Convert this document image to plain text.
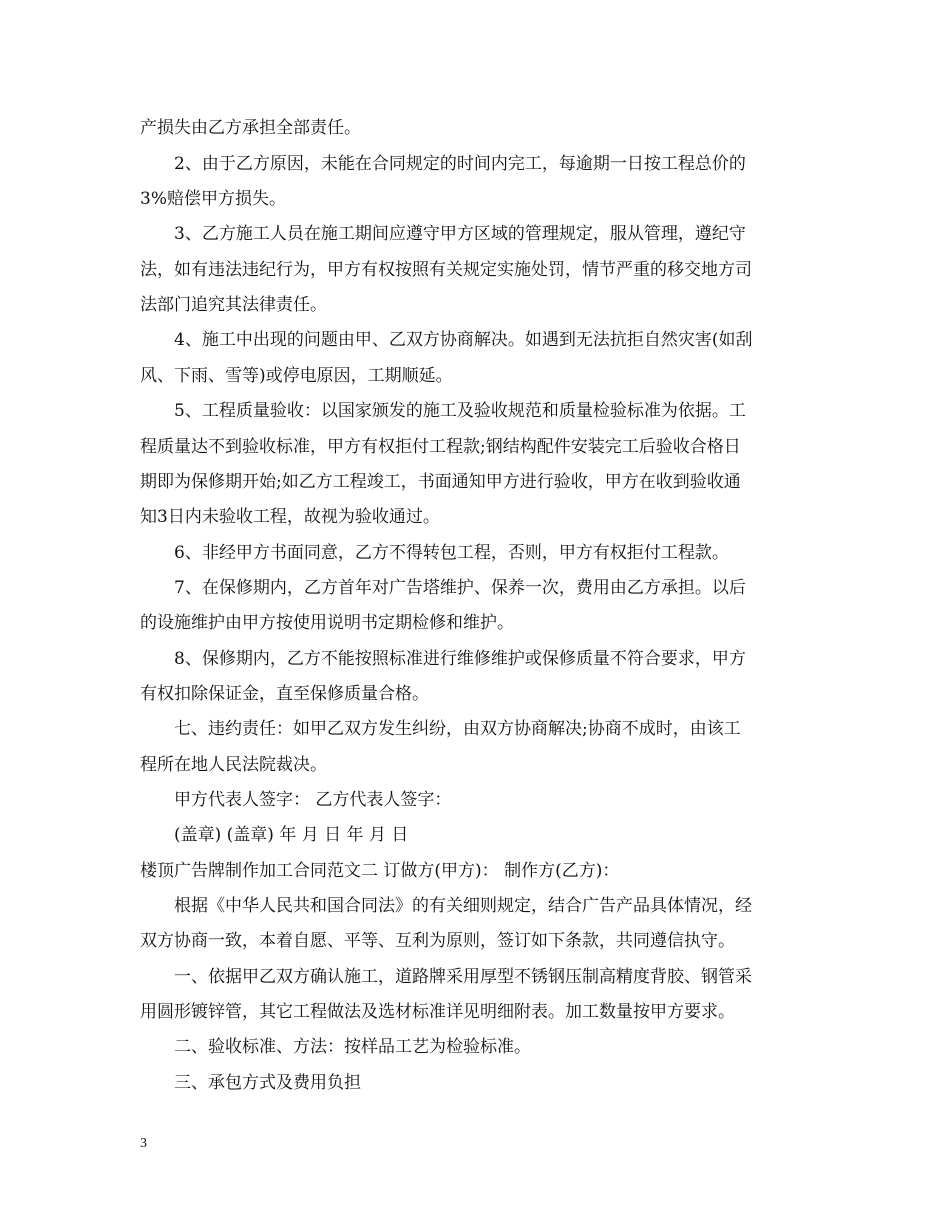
产损失由乙方承担全部责任。
2、由于乙方原因，未能在合同规定的时间内完工，每逾期一日按工程总价的
3%赔偿甲方损失。
3、乙方施工人员在施工期间应遵守甲方区域的管理规定，服从管理，遵纪守
法，如有违法违纪行为，甲方有权按照有关规定实施处罚，情节严重的移交地方司
法部门追究其法律责任。
4、施工中出现的问题由甲、乙双方协商解决。如遇到无法抗拒自然灾害(如刮
风、下雨、雪等)或停电原因，工期顺延。
5、工程质量验收：以国家颁发的施工及验收规范和质量检验标准为依据。工
程质量达不到验收标准，甲方有权拒付工程款;钢结构配件安装完工后验收合格日
期即为保修期开始;如乙方工程竣工，书面通知甲方进行验收，甲方在收到验收通
知3日内未验收工程，故视为验收通过。
6、非经甲方书面同意，乙方不得转包工程，否则，甲方有权拒付工程款。
7、在保修期内，乙方首年对广告塔维护、保养一次，费用由乙方承担。以后
的设施维护由甲方按使用说明书定期检修和维护。
8、保修期内，乙方不能按照标准进行维修维护或保修质量不符合要求，甲方
有权扣除保证金，直至保修质量合格。
七、违约责任：如甲乙双方发生纠纷，由双方协商解决;协商不成时，由该工
程所在地人民法院裁决。
甲方代表人签字： 乙方代表人签字：
(盖章) (盖章) 年 月 日 年 月 日
楼顶广告牌制作加工合同范文二 订做方(甲方)： 制作方(乙方)：
根据《中华人民共和国合同法》的有关细则规定，结合广告产品具体情况，经
双方协商一致，本着自愿、平等、互利为原则，签订如下条款，共同遵信执守。
一、依据甲乙双方确认施工，道路牌采用厚型不锈钢压制高精度背胶、钢管采
用圆形镀锌管，其它工程做法及选材标准详见明细附表。加工数量按甲方要求。
二、验收标准、方法：按样品工艺为检验标准。
三、承包方式及费用负担
3
